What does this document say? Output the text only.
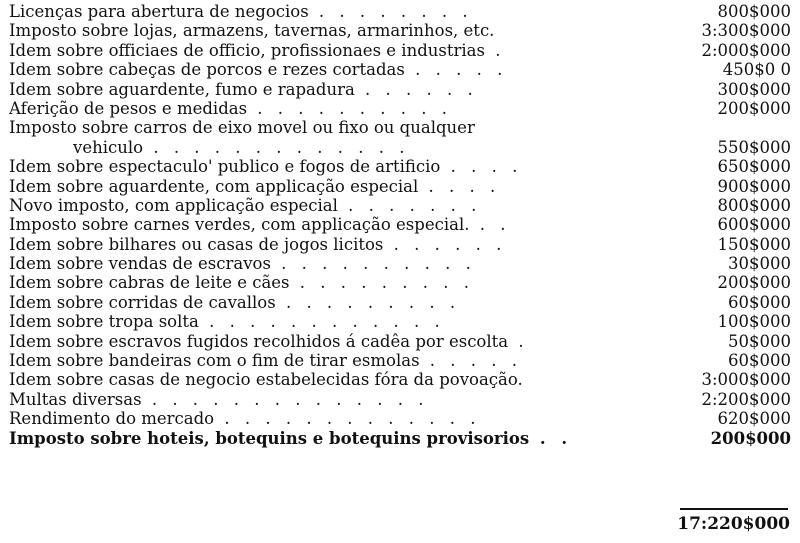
Licenças para abertura de negocios . . . . . . . .	800$000
Imposto sobre lojas, armazens, tavernas, armarinhos, etc.	3:300$000
Idem sobre officiaes de officio, profissionaes e industrias .	2:000$000
Idem sobre cabeças de porcos e rezes cortadas . . . . .	450$0 0
Idem sobre aguardente, fumo e rapadura . . . . . .	300$000
Aferição de pesos e medidas . . . . . . . . . .	200$000
Imposto sobre carros de eixo movel ou fixo ou qualquer
vehiculo . . . . . . . . . . . . .	550$000
Idem sobre espectaculo' publico e fogos de artificio . . . .	650$000
Idem sobre aguardente, com applicação especial . . . .	900$000
Novo imposto, com applicação especial . . . . . . .	800$000
Imposto sobre carnes verdes, com applicação especial. . .	600$000
Idem sobre bilhares ou casas de jogos licitos . . . . . .	150$000
Idem sobre vendas de escravos . . . . . . . . . .	30$000
Idem sobre cabras de leite e cães . . . . . . . . .	200$000
Idem sobre corridas de cavallos . . . . . . . . .	60$000
Idem sobre tropa solta . . . . . . . . . . . .	100$000
Idem sobre escravos fugidos recolhidos á cadêa por escolta .	50$000
Idem sobre bandeiras com o fim de tirar esmolas . . . . .	60$000
Idem sobre casas de negocio estabelecidas fóra da povoação.	3:000$000
Multas diversas . . . . . . . . . . . . . .	2:200$000
Rendimento do mercado . . . . . . . . . . . . .	620$000
Imposto sobre hoteis, botequins e botequins provisorios . .	200$000
17:220$000
